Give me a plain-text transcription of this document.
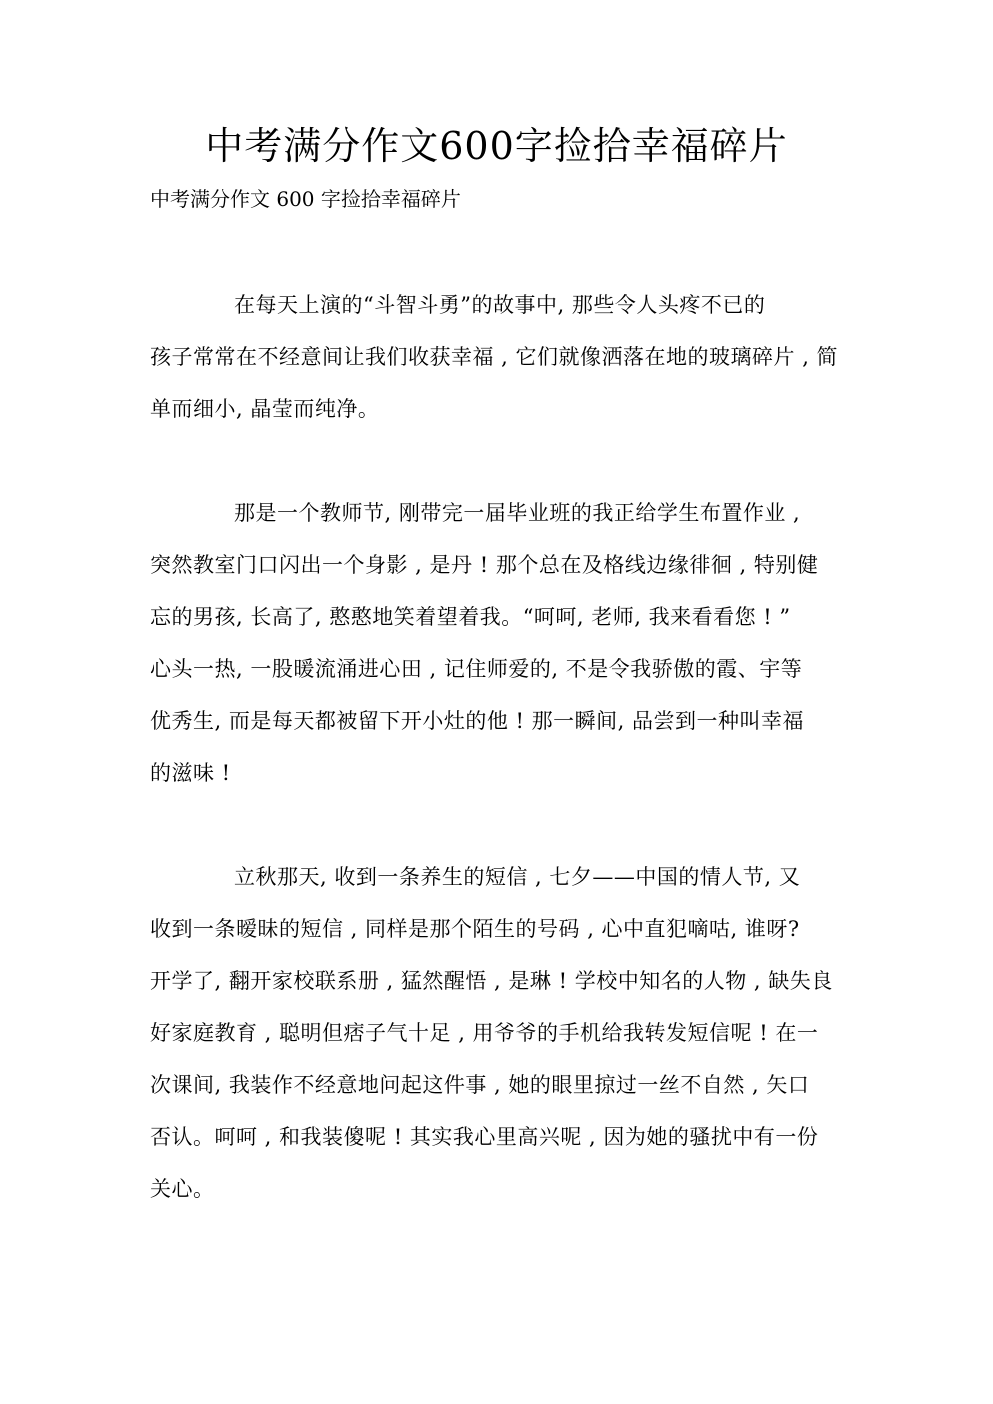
中考满分作文600字捡拾幸福碎片

中考满分作文 600 字捡拾幸福碎片

在每天上演的“斗智斗勇”的故事中, 那些令人头疼不已的
孩子常常在不经意间让我们收获幸福 , 它们就像洒落在地的玻璃碎片 , 简
单而细小, 晶莹而纯净。
那是一个教师节, 刚带完一届毕业班的我正给学生布置作业 ,
突然教室门口闪出一个身影 , 是丹 ! 那个总在及格线边缘徘徊 , 特别健
忘的男孩, 长高了, 憨憨地笑着望着我。“呵呵, 老师, 我来看看您 ! ”
心头一热, 一股暖流涌进心田 , 记住师爱的, 不是令我骄傲的霞、宇等
优秀生, 而是每天都被留下开小灶的他 ! 那一瞬间, 品尝到一种叫幸福
的滋味 !
立秋那天, 收到一条养生的短信 , 七夕——中国的情人节, 又
收到一条暧昧的短信 , 同样是那个陌生的号码 , 心中直犯嘀咕, 谁呀?
开学了, 翻开家校联系册 , 猛然醒悟 , 是琳 ! 学校中知名的人物 , 缺失良
好家庭教育 , 聪明但痞子气十足 , 用爷爷的手机给我转发短信呢 ! 在一
次课间, 我装作不经意地问起这件事 , 她的眼里掠过一丝不自然 , 矢口
否认。呵呵 , 和我装傻呢 ! 其实我心里高兴呢 , 因为她的骚扰中有一份
关心。
